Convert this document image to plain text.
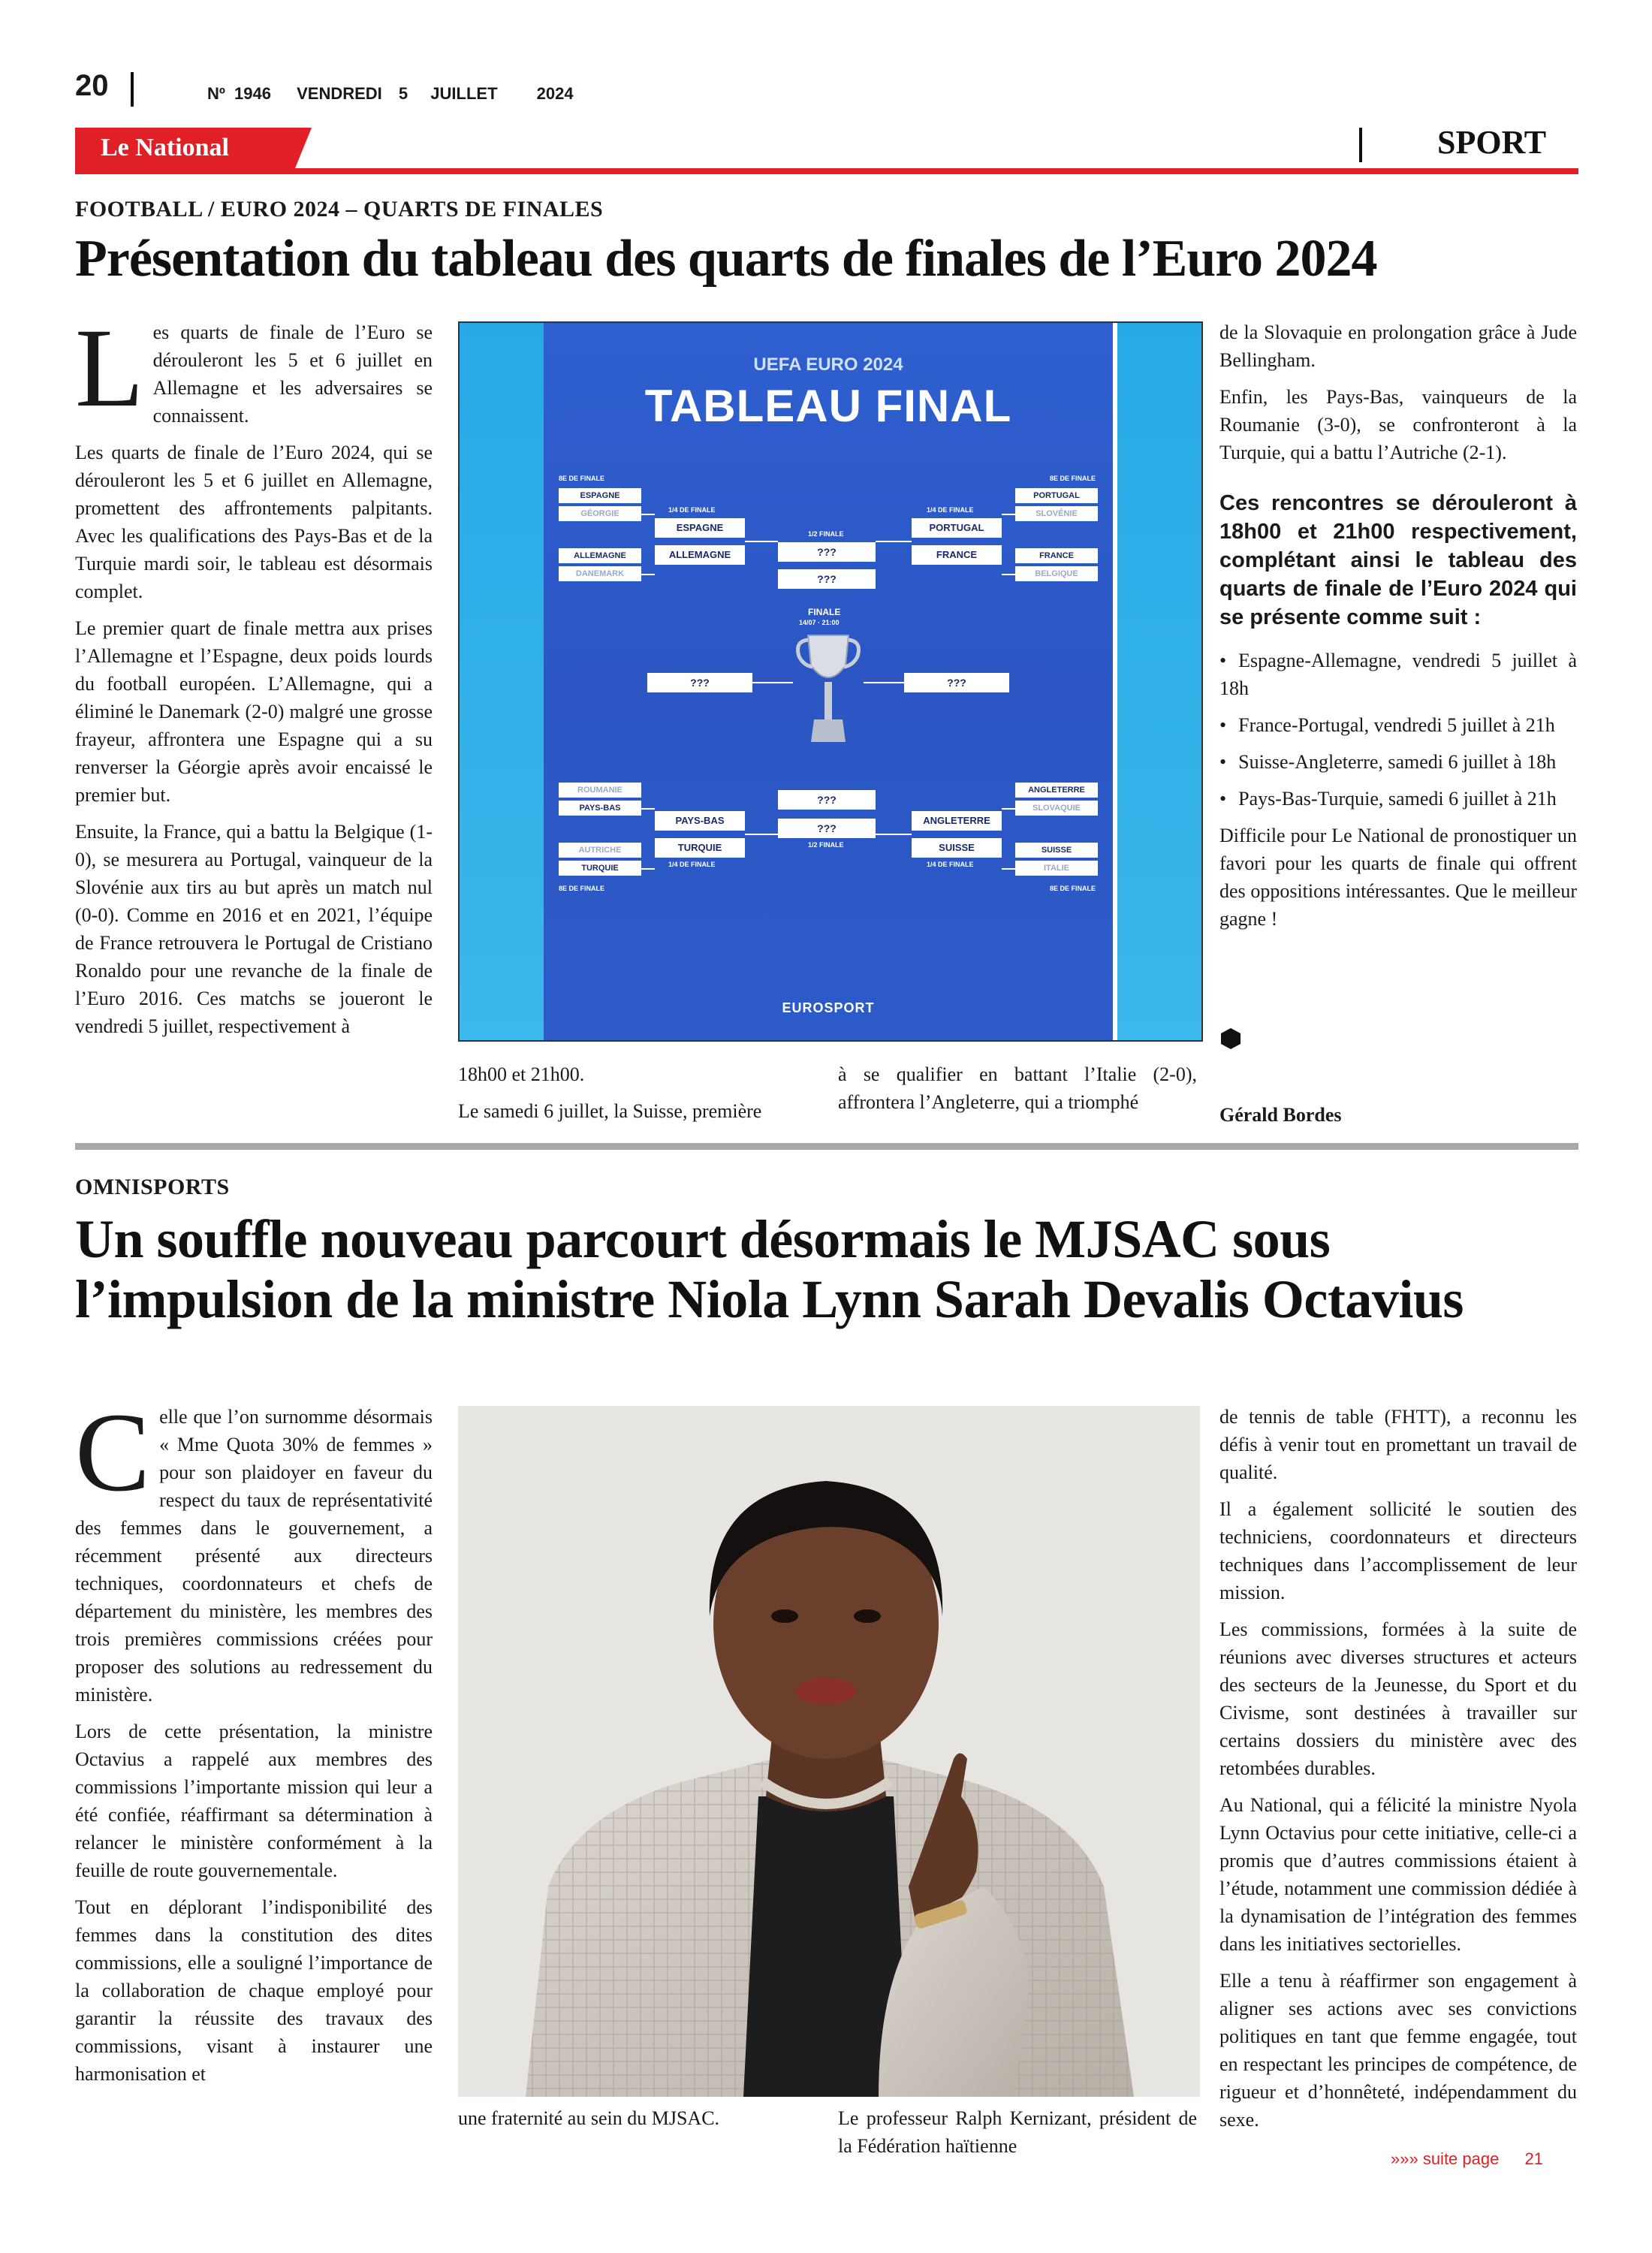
20	Nº 1946 VENDREDI 5 JUILLET 2024
Le National	SPORT
FOOTBALL / EURO 2024 – QUARTS DE FINALES
Présentation du tableau des quarts de finales de l’Euro 2024

Les quarts de finale de l’Euro se dérouleront les 5 et 6 juillet en Allemagne et les adversaires se connaissent.

Les quarts de finale de l’Euro 2024, qui se dérouleront les 5 et 6 juillet en Allemagne, promettent des affrontements palpitants. Avec les qualifications des Pays-Bas et de la Turquie mardi soir, le tableau est désormais complet.

Le premier quart de finale mettra aux prises l’Allemagne et l’Espagne, deux poids lourds du football européen. L’Allemagne, qui a éliminé le Danemark (2-0) malgré une grosse frayeur, affrontera une Espagne qui a su renverser la Géorgie après avoir encaissé le premier but.

Ensuite, la France, qui a battu la Belgique (1-0), se mesurera au Portugal, vainqueur de la Slovénie aux tirs au but après un match nul (0-0). Comme en 2016 et en 2021, l’équipe de France retrouvera le Portugal de Cristiano Ronaldo pour une revanche de la finale de l’Euro 2016. Ces matchs se joueront le vendredi 5 juillet, respectivement à

UEFA EURO 2024
TABLEAU FINAL
8E DE FINALE	8E DE FINALE
1/4 DE FINALE	1/4 DE FINALE
1/2 FINALE
ESPAGNE
GÉORGIE
ALLEMAGNE
DANEMARK
ESPAGNE
ALLEMAGNE	???
???
PORTUGAL
FRANCE
PORTUGAL
SLOVÉNIE
FRANCE
BELGIQUE
FINALE
14/07 · 21:00
???	???
ROUMANIE
PAYS-BAS
AUTRICHE
TURQUIE
PAYS-BAS
TURQUIE
???
???
ANGLETERRE
SUISSE
ANGLETERRE
SLOVAQUIE
SUISSE
ITALIE
1/4 DE FINALE
1/2 FINALE
1/4 DE FINALE
8E DE FINALE	8E DE FINALE
EUROSPORT

18h00 et 21h00.

Le samedi 6 juillet, la Suisse, première

à se qualifier en battant l’Italie (2-0), affrontera l’Angleterre, qui a triomphé

de la Slovaquie en prolongation grâce à Jude Bellingham.

Enfin, les Pays-Bas, vainqueurs de la Roumanie (3-0), se confronteront à la Turquie, qui a battu l’Autriche (2-1).

Ces rencontres se dérouleront à 18h00 et 21h00 respectivement, complétant ainsi le tableau des quarts de finale de l’Euro 2024 qui se présente comme suit :

• Espagne-Allemagne, vendredi 5 juillet à 18h
• France-Portugal, vendredi 5 juillet à 21h
• Suisse-Angleterre, samedi 6 juillet à 18h
• Pays-Bas-Turquie, samedi 6 juillet à 21h

Difficile pour Le National de pronostiquer un favori pour les quarts de finale qui offrent des oppositions intéressantes. Que le meilleur gagne !

Gérald Bordes
OMNISPORTS
Un souffle nouveau parcourt désormais le MJSAC sous l’impulsion de la ministre Niola Lynn Sarah Devalis Octavius

Celle que l’on surnomme désormais « Mme Quota 30% de femmes » pour son plaidoyer en faveur du respect du taux de représentativité des femmes dans le gouvernement, a récemment présenté aux directeurs techniques, coordonnateurs et chefs de département du ministère, les membres des trois premières commissions créées pour proposer des solutions au redressement du ministère.

Lors de cette présentation, la ministre Octavius a rappelé aux membres des commissions l’importante mission qui leur a été confiée, réaffirmant sa détermination à relancer le ministère conformément à la feuille de route gouvernementale.

Tout en déplorant l’indisponibilité des femmes dans la constitution des dites commissions, elle a souligné l’importance de la collaboration de chaque employé pour garantir la réussite des travaux des commissions, visant à instaurer une harmonisation et

une fraternité au sein du MJSAC.	Le professeur Ralph Kernizant, président de la Fédération haïtienne

de tennis de table (FHTT), a reconnu les défis à venir tout en promettant un travail de qualité.

Il a également sollicité le soutien des techniciens, coordonnateurs et directeurs techniques dans l’accomplissement de leur mission.

Les commissions, formées à la suite de réunions avec diverses structures et acteurs des secteurs de la Jeunesse, du Sport et du Civisme, sont destinées à travailler sur certains dossiers du ministère avec des retombées durables.

Au National, qui a félicité la ministre Nyola Lynn Octavius pour cette initiative, celle-ci a promis que d’autres commissions étaient à l’étude, notamment une commission dédiée à la dynamisation de l’intégration des femmes dans les initiatives sectorielles.

Elle a tenu à réaffirmer son engagement à aligner ses actions avec ses convictions politiques en tant que femme engagée, tout en respectant les principes de compétence, de rigueur et d’honnêteté, indépendamment du sexe.

»»» suite page 21
